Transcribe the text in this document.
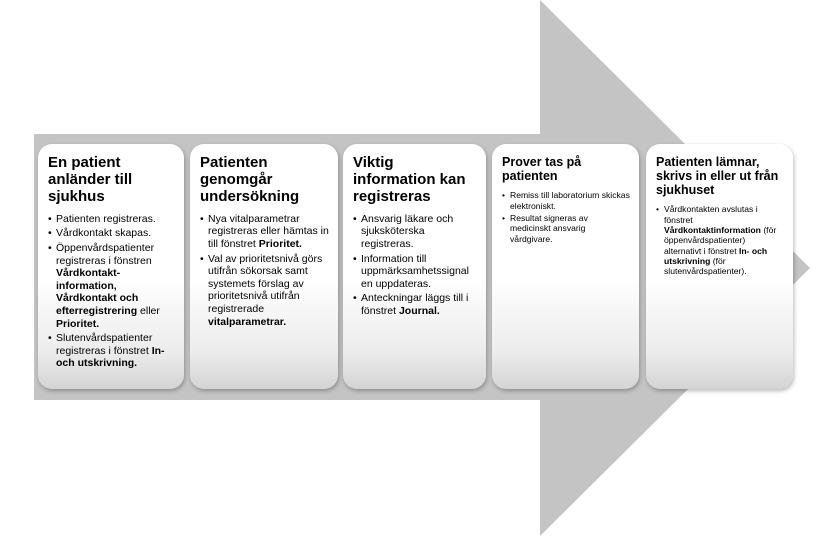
En patient anländer till sjukhus
• Patienten registreras.
• Vårdkontakt skapas.
• Öppenvårdspatienter registreras i fönstren Vårdkontakt-information, Vårdkontakt och efterregistrering eller Prioritet.
• Slutenvårdspatienter registreras i fönstret In- och utskrivning.
Patienten genomgår undersökning
• Nya vitalparametrar registreras eller hämtas in till fönstret Prioritet.
• Val av prioritetsnivå görs utifrån sökorsak samt systemets förslag av prioritetsnivå utifrån registrerade vitalparametrar.
Viktig information kan registreras
• Ansvarig läkare och sjuksköterska registreras.
• Information till uppmärksamhetssignal en uppdateras.
• Anteckningar läggs till i fönstret Journal.
Prover tas på patienten
• Remiss till laboratorium skickas elektroniskt.
• Resultat signeras av medicinskt ansvarig vårdgivare.
Patienten lämnar, skrivs in eller ut från sjukhuset
• Vårdkontakten avslutas i fönstret Vårdkontaktinformation (för öppenvårdspatienter) alternativt i fönstret In- och utskrivning (för slutenvårdspatienter).
